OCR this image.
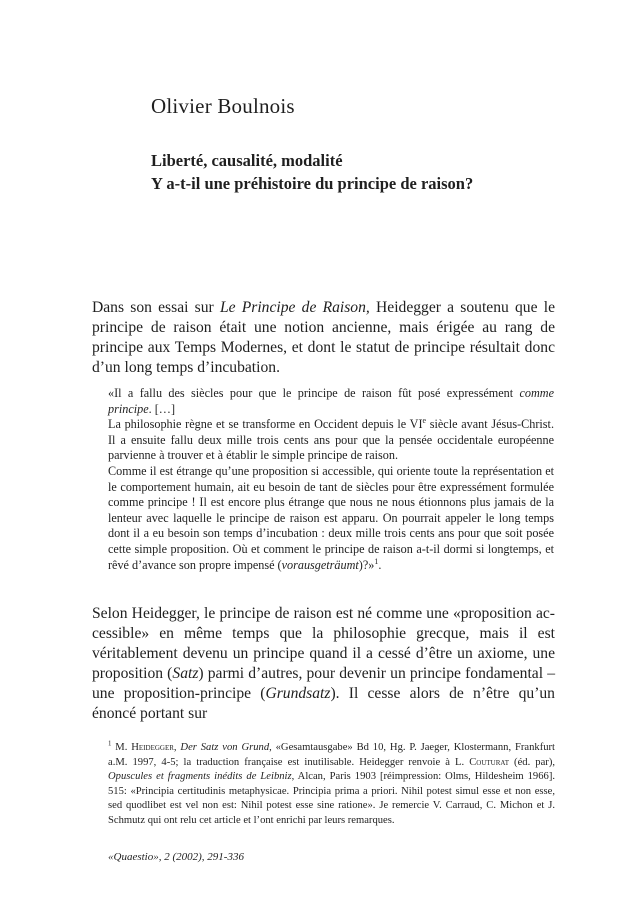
Olivier Boulnois
Liberté, causalité, modalité
Y a-t-il une préhistoire du principe de raison?

Dans son essai sur Le Principe de Raison, Heidegger a soutenu que le principe de raison était une notion ancienne, mais érigée au rang de principe aux Temps Modernes, et dont le statut de principe résultait donc d’un long temps d’incubation.

«Il a fallu des siècles pour que le principe de raison fût posé expressément comme principe. […]
La philosophie règne et se transforme en Occident depuis le VIe siècle avant Jésus-Christ. Il a ensuite fallu deux mille trois cents ans pour que la pensée occidentale européenne parvienne à trouver et à établir le simple principe de raison.
Comme il est étrange qu’une proposition si accessible, qui oriente toute la représentation et le comportement humain, ait eu besoin de tant de siècles pour être expressément formulée comme principe ! Il est encore plus étrange que nous ne nous étionnons plus jamais de la lenteur avec laquelle le principe de raison est apparu. On pourrait appeler le long temps dont il a eu besoin son temps d’incubation : deux mille trois cents ans pour que soit posée cette simple proposition. Où et comment le principe de raison a-t-il dormi si longtemps, et rêvé d’avance son propre impensé (vorausgeträumt)?»$^1$.

Selon Heidegger, le principe de raison est né comme une «proposition accessible» en même temps que la philosophie grecque, mais il est véritablement devenu un principe quand il a cessé d’être un axiome, une proposition (Satz) parmi d’autres, pour devenir un principe fondamental – une proposition-principe (Grundsatz). Il cesse alors de n’être qu’un énoncé portant sur

$^1$ M. Heidegger, Der Satz von Grund, «Gesamtausgabe» Bd 10, Hg. P. Jaeger, Klostermann, Frankfurt a.M. 1997, 4-5; la traduction française est inutilisable. Heidegger renvoie à L. Couturat (éd. par), Opuscules et fragments inédits de Leibniz, Alcan, Paris 1903 [réimpression: Olms, Hildesheim 1966]. 515: «Principia certitudinis metaphysicae. Principia prima a priori. Nihil potest simul esse et non esse, sed quodlibet est vel non est: Nihil potest esse sine ratione». Je remercie V. Carraud, C. Michon et J. Schmutz qui ont relu cet article et l’ont enrichi par leurs remarques.

«Quaestio», 2 (2002), 291-336
